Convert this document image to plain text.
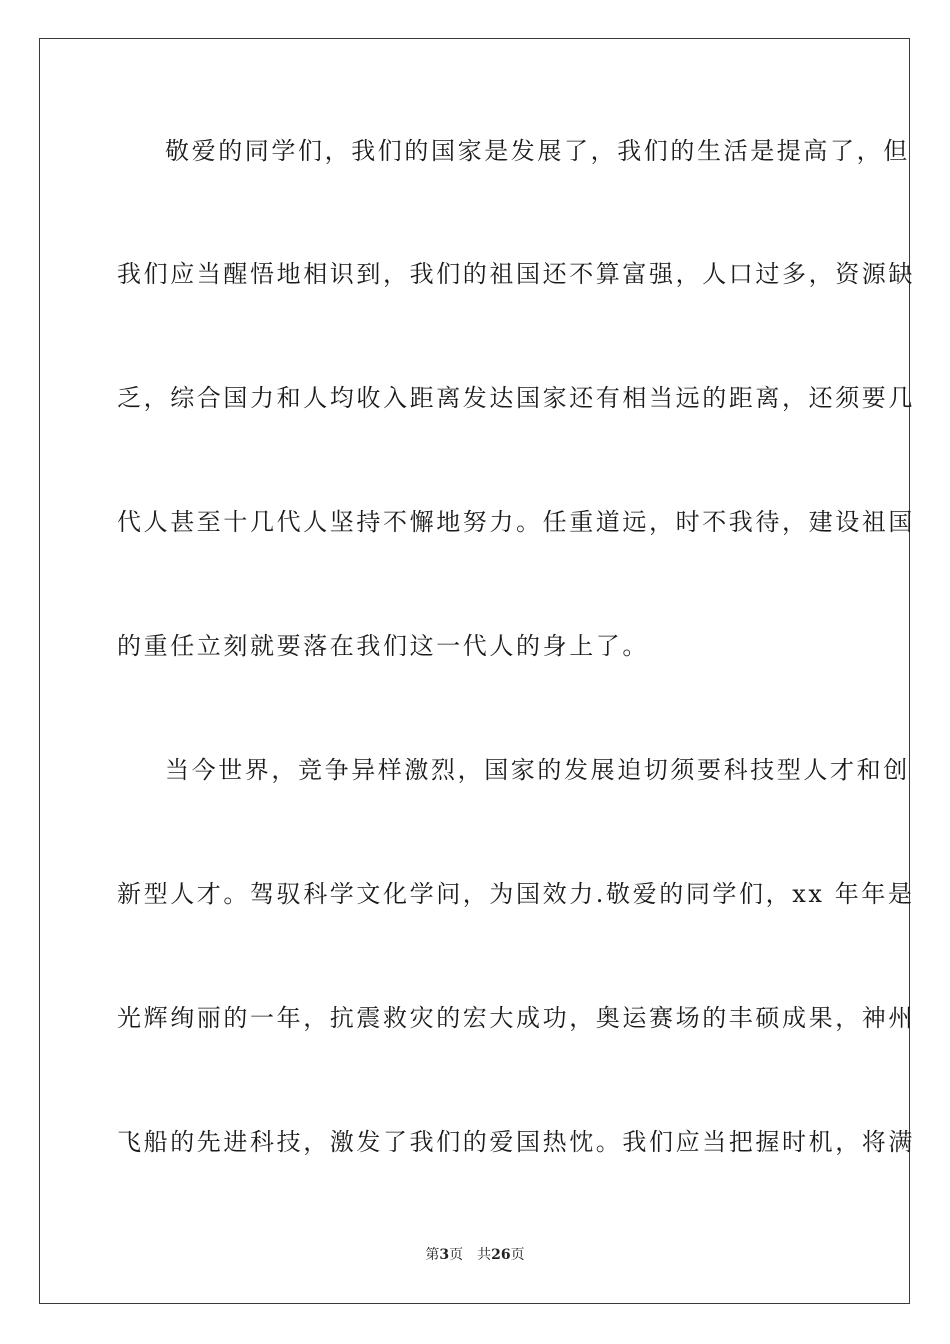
敬爱的同学们，我们的国家是发展了，我们的生活是提高了，但
我们应当醒悟地相识到，我们的祖国还不算富强，人口过多，资源缺
乏，综合国力和人均收入距离发达国家还有相当远的距离，还须要几
代人甚至十几代人坚持不懈地努力。任重道远，时不我待，建设祖国
的重任立刻就要落在我们这一代人的身上了。
当今世界，竞争异样激烈，国家的发展迫切须要科技型人才和创
新型人才。驾驭科学文化学问，为国效力.敬爱的同学们，xx 年年是
光辉绚丽的一年，抗震救灾的宏大成功，奥运赛场的丰硕成果，神州
飞船的先进科技，激发了我们的爱国热忱。我们应当把握时机，将满
第3页 共26页
